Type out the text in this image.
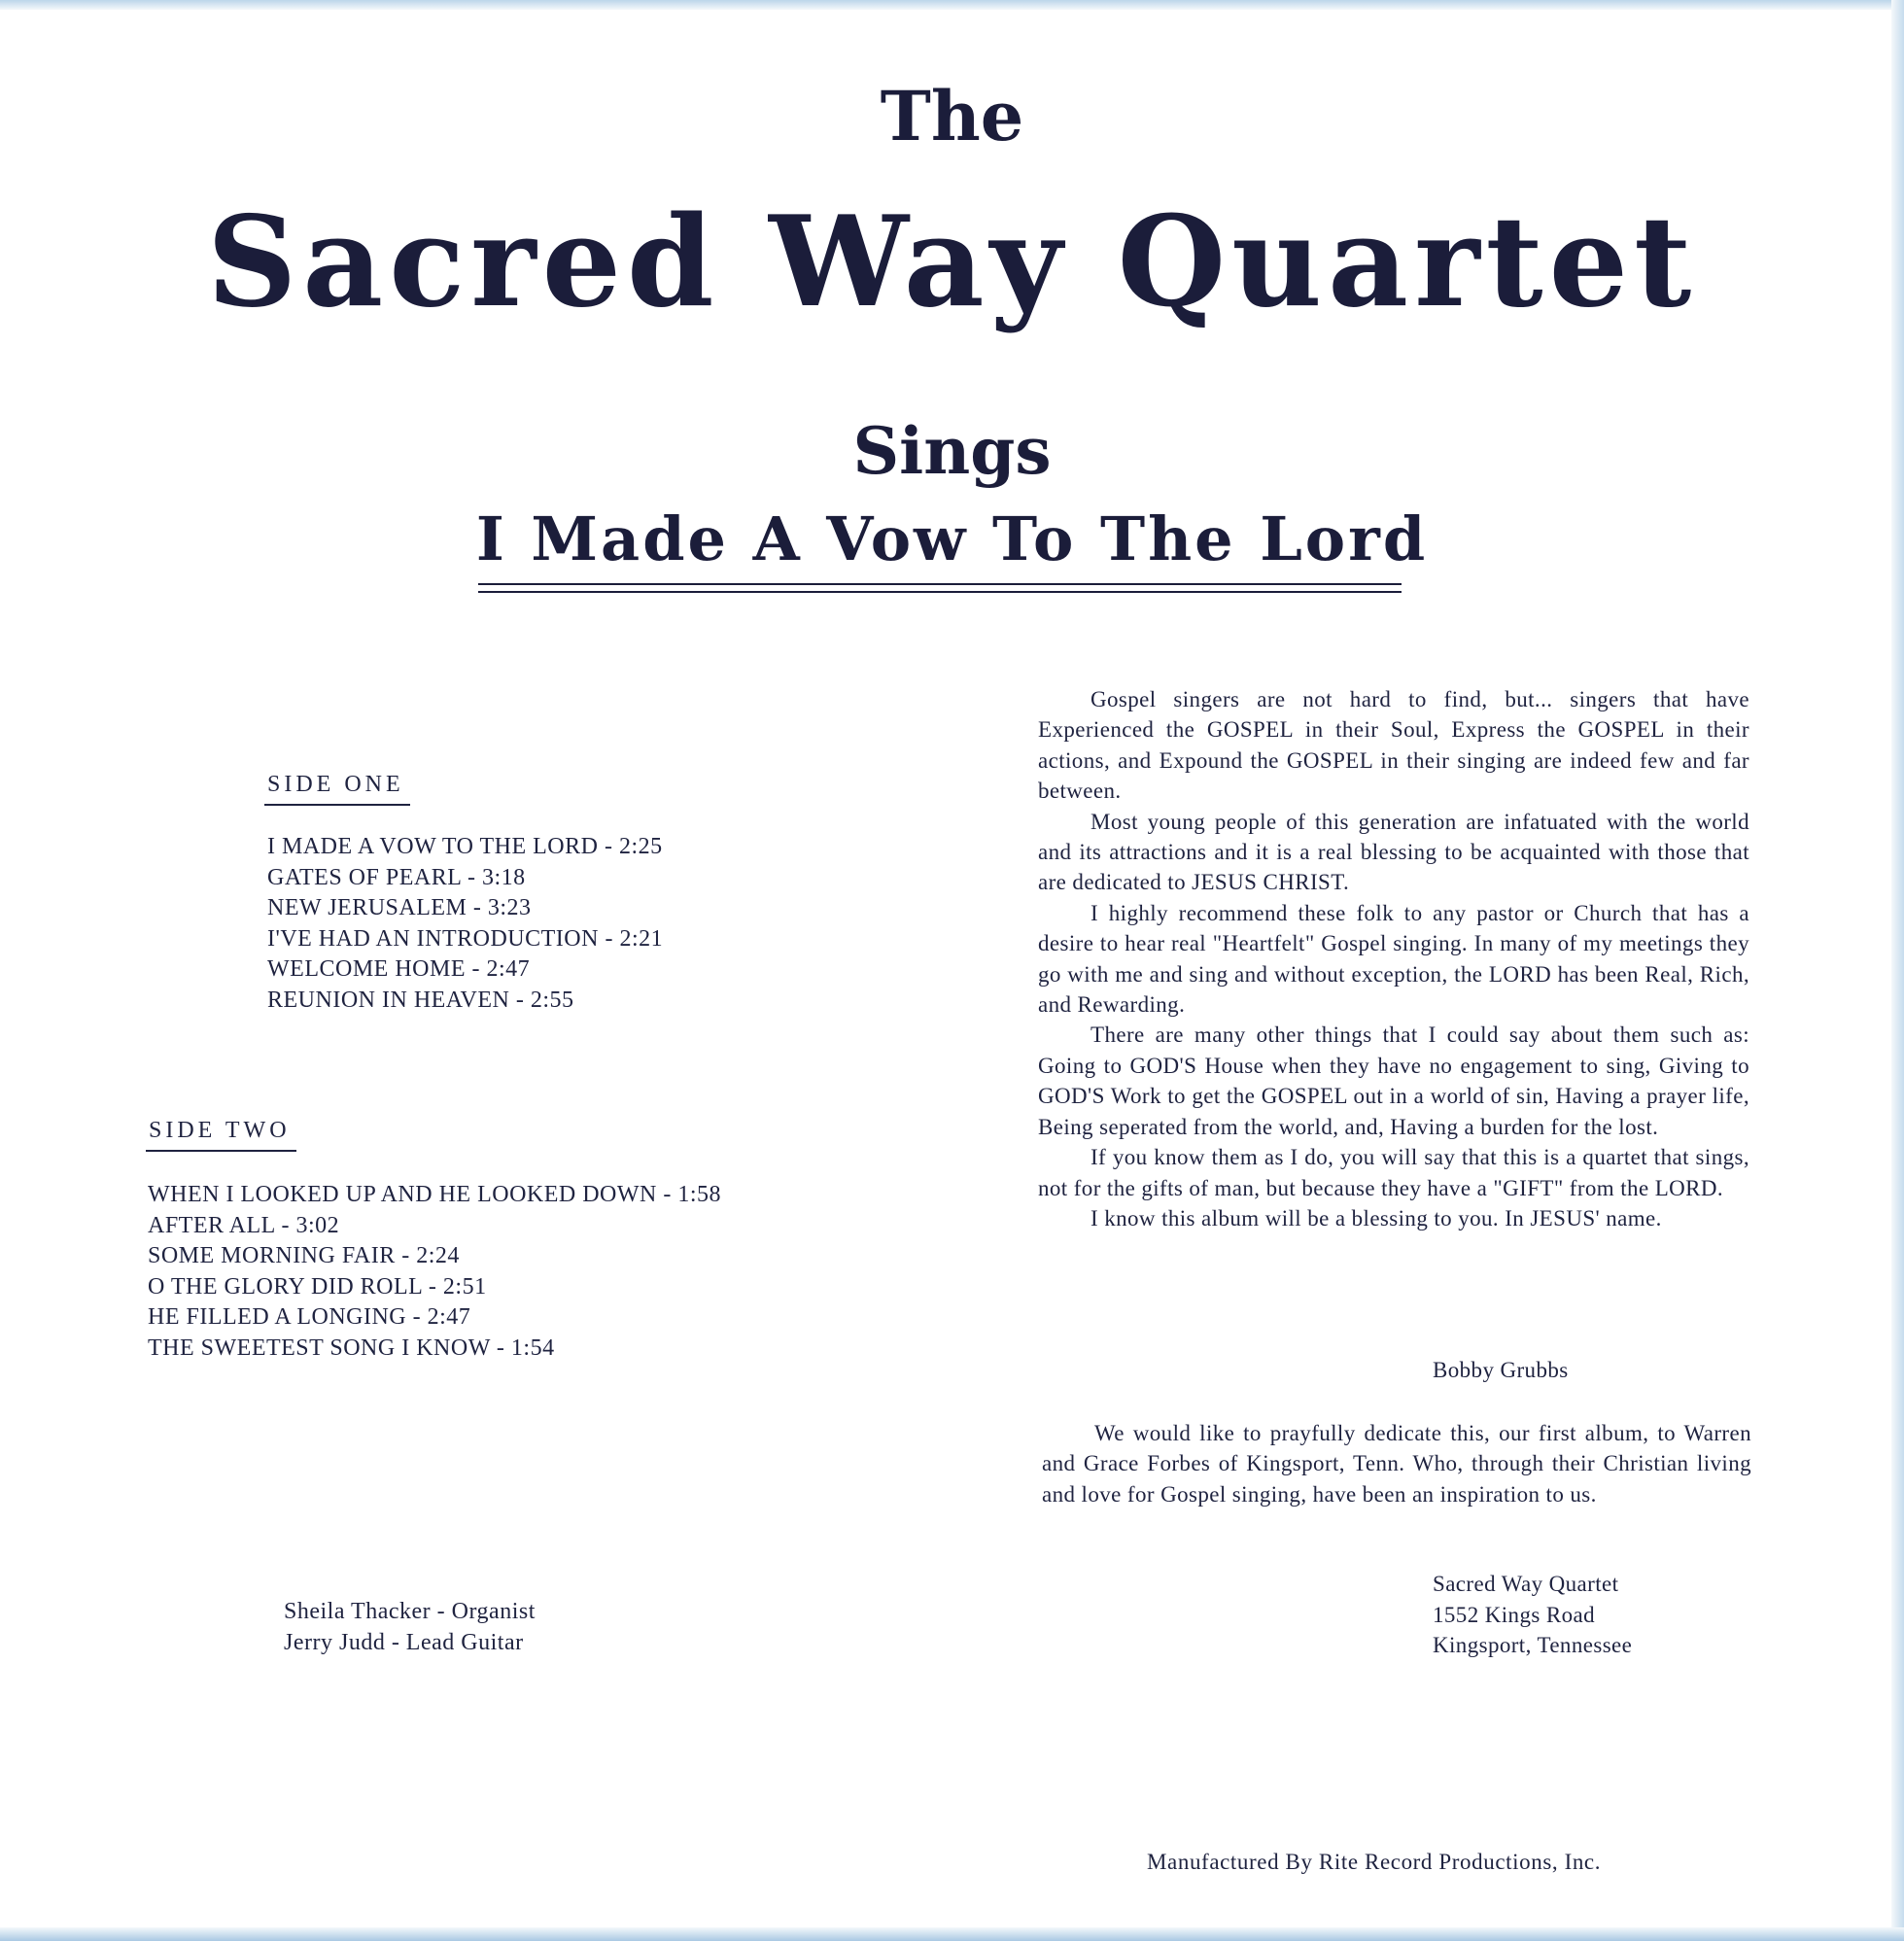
The
Sacred Way Quartet
Sings
I Made A Vow To The Lord
SIDE ONE
I MADE A VOW TO THE LORD - 2:25
GATES OF PEARL - 3:18
NEW JERUSALEM - 3:23
I'VE HAD AN INTRODUCTION - 2:21
WELCOME HOME - 2:47
REUNION IN HEAVEN - 2:55
SIDE TWO
WHEN I LOOKED UP AND HE LOOKED DOWN - 1:58
AFTER ALL - 3:02
SOME MORNING FAIR - 2:24
O THE GLORY DID ROLL - 2:51
HE FILLED A LONGING - 2:47
THE SWEETEST SONG I KNOW - 1:54
Sheila Thacker - Organist
Jerry Judd - Lead Guitar

Gospel singers are not hard to find, but... singers that have Experienced the GOSPEL in their Soul, Express the GOSPEL in their actions, and Expound the GOSPEL in their singing are indeed few and far between.

Most young people of this generation are infatuated with the world and its attractions and it is a real blessing to be acquainted with those that are dedicated to JESUS CHRIST.

I highly recommend these folk to any pastor or Church that has a desire to hear real "Heartfelt" Gospel singing. In many of my meetings they go with me and sing and without exception, the LORD has been Real, Rich, and Rewarding.

There are many other things that I could say about them such as: Going to GOD'S House when they have no engagement to sing, Giving to GOD'S Work to get the GOSPEL out in a world of sin, Having a prayer life, Being seperated from the world, and, Having a burden for the lost.

If you know them as I do, you will say that this is a quartet that sings, not for the gifts of man, but because they have a "GIFT" from the LORD.

I know this album will be a blessing to you. In JESUS' name.

Bobby Grubbs

We would like to prayfully dedicate this, our first album, to Warren and Grace Forbes of Kingsport, Tenn. Who, through their Christian living and love for Gospel singing, have been an inspiration to us.

Sacred Way Quartet
1552 Kings Road
Kingsport, Tennessee
Manufactured By Rite Record Productions, Inc.
